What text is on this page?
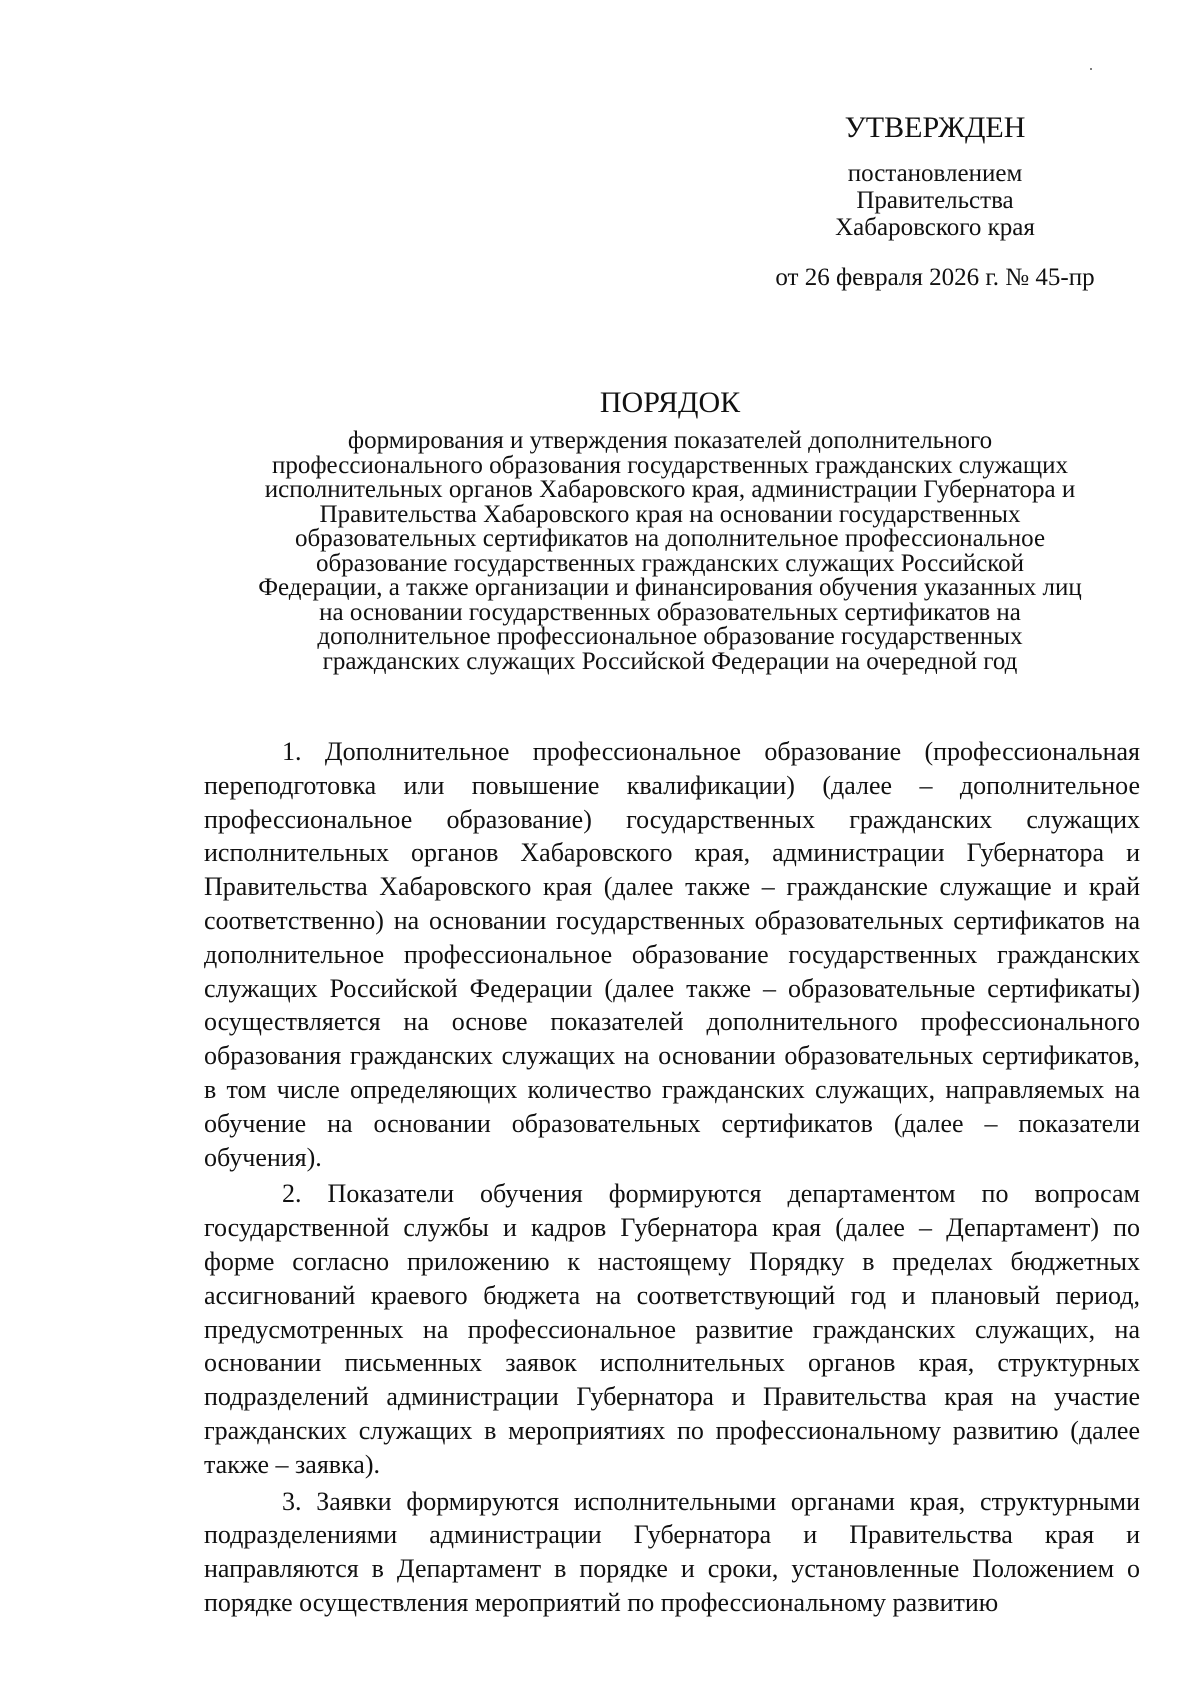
УТВЕРЖДЕН
постановлением
Правительства
Хабаровского края
от 26 февраля 2026 г. № 45-пр
ПОРЯДОК
формирования и утверждения показателей дополнительного
профессионального образования государственных гражданских служащих
исполнительных органов Хабаровского края, администрации Губернатора и
Правительства Хабаровского края на основании государственных
образовательных сертификатов на дополнительное профессиональное
образование государственных гражданских служащих Российской
Федерации, а также организации и финансирования обучения указанных лиц
на основании государственных образовательных сертификатов на
дополнительное профессиональное образование государственных
гражданских служащих Российской Федерации на очередной год

1. Дополнительное профессиональное образование (профессиональная переподготовка или повышение квалификации) (далее – дополнительное профессиональное образование) государственных гражданских служащих исполнительных органов Хабаровского края, администрации Губернатора и Правительства Хабаровского края (далее также – гражданские служащие и край соответственно) на основании государственных образовательных сертификатов на дополнительное профессиональное образование государственных гражданских служащих Российской Федерации (далее также – образовательные сертификаты) осуществляется на основе показателей дополнительного профессионального образования гражданских служащих на основании образовательных сертификатов, в том числе определяющих количество гражданских служащих, направляемых на обучение на основании образовательных сертификатов (далее – показатели обучения).

2. Показатели обучения формируются департаментом по вопросам государственной службы и кадров Губернатора края (далее – Департамент) по форме согласно приложению к настоящему Порядку в пределах бюджетных ассигнований краевого бюджета на соответствующий год и плановый период, предусмотренных на профессиональное развитие гражданских служащих, на основании письменных заявок исполнительных органов края, структурных подразделений администрации Губернатора и Правительства края на участие гражданских служащих в мероприятиях по профессиональному развитию (далее также – заявка).

3. Заявки формируются исполнительными органами края, структурными подразделениями администрации Губернатора и Правительства края и направляются в Департамент в порядке и сроки, установленные Положением о порядке осуществления мероприятий по профессиональному развитию
